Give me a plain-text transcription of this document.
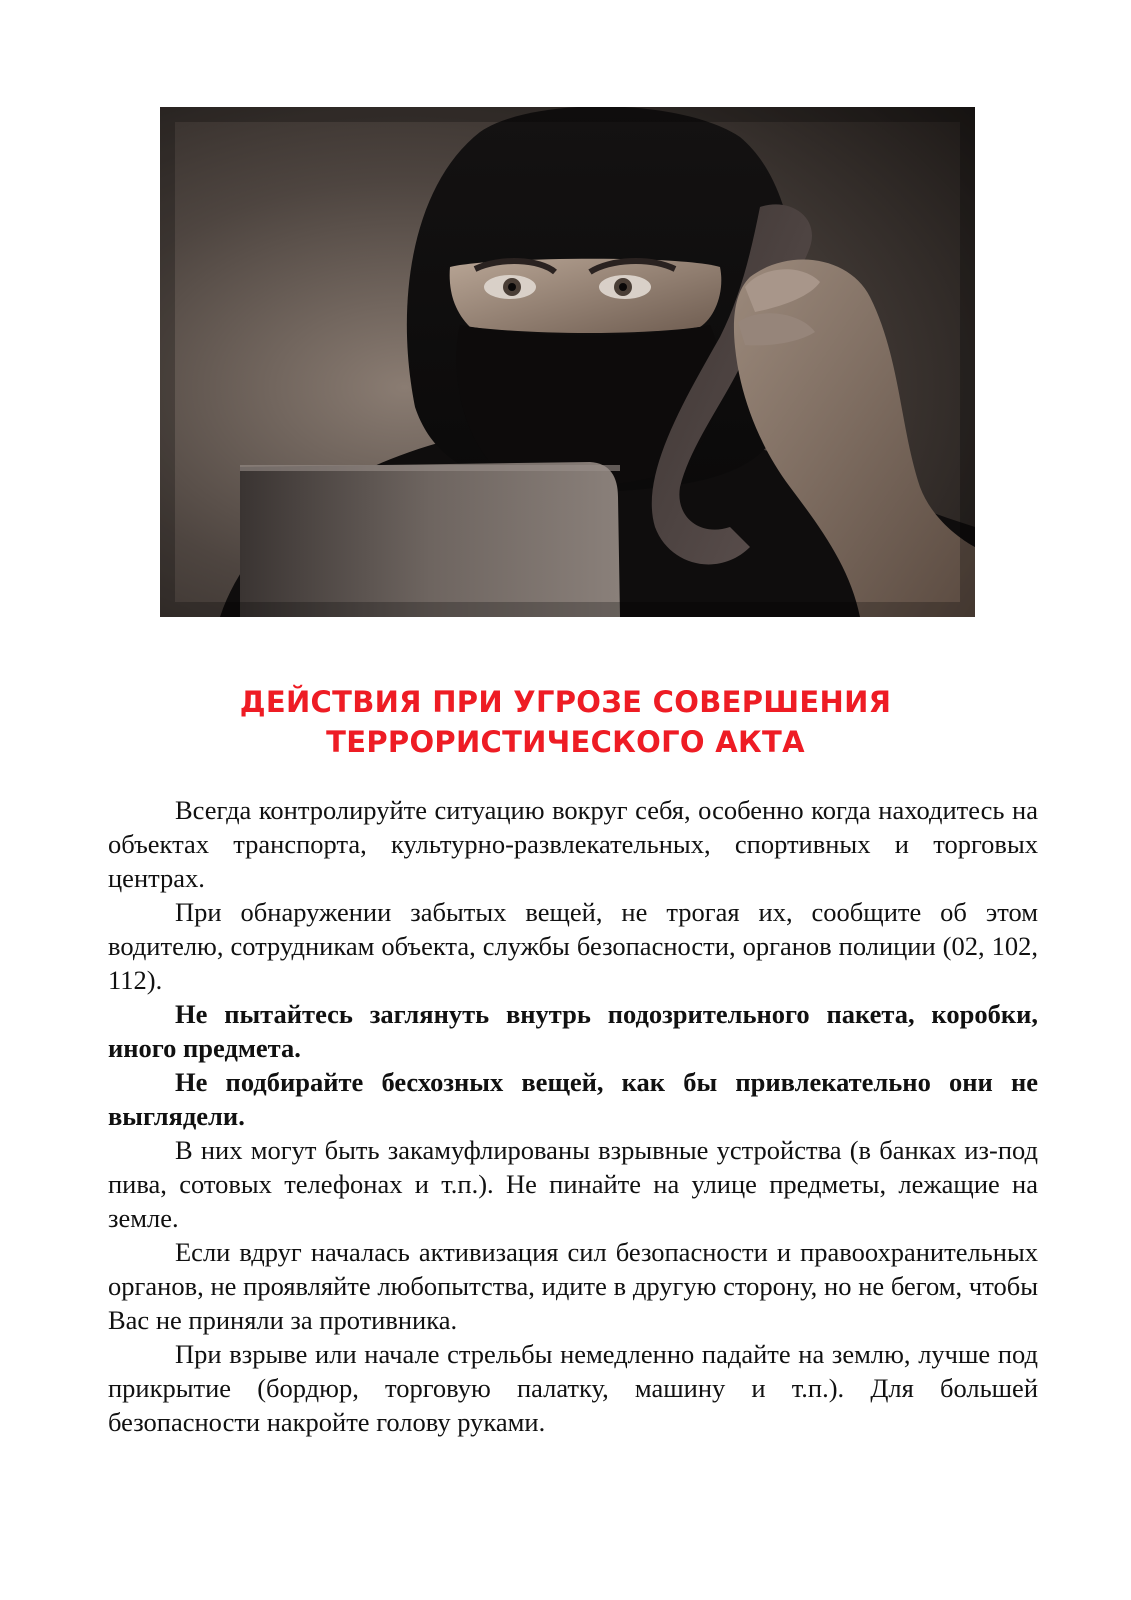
ДЕЙСТВИЯ ПРИ УГРОЗЕ СОВЕРШЕНИЯ
ТЕРРОРИСТИЧЕСКОГО АКТА

Всегда контролируйте ситуацию вокруг себя, особенно когда находитесь на объектах транспорта, культурно-развлекательных, спортивных и торговых центрах.

При обнаружении забытых вещей, не трогая их, сообщите об этом водителю, сотрудникам объекта, службы безопасности, органов полиции (02, 102, 112).

Не пытайтесь заглянуть внутрь подозрительного пакета, коробки, иного предмета.

Не подбирайте бесхозных вещей, как бы привлекательно они не выглядели.

В них могут быть закамуфлированы взрывные устройства (в банках из-под пива, сотовых телефонах и т.п.). Не пинайте на улице предметы, лежащие на земле.

Если вдруг началась активизация сил безопасности и правоохранительных органов, не проявляйте любопытства, идите в другую сторону, но не бегом, чтобы Вас не приняли за противника.

При взрыве или начале стрельбы немедленно падайте на землю, лучше под прикрытие (бордюр, торговую палатку, машину и т.п.). Для большей безопасности накройте голову руками.
